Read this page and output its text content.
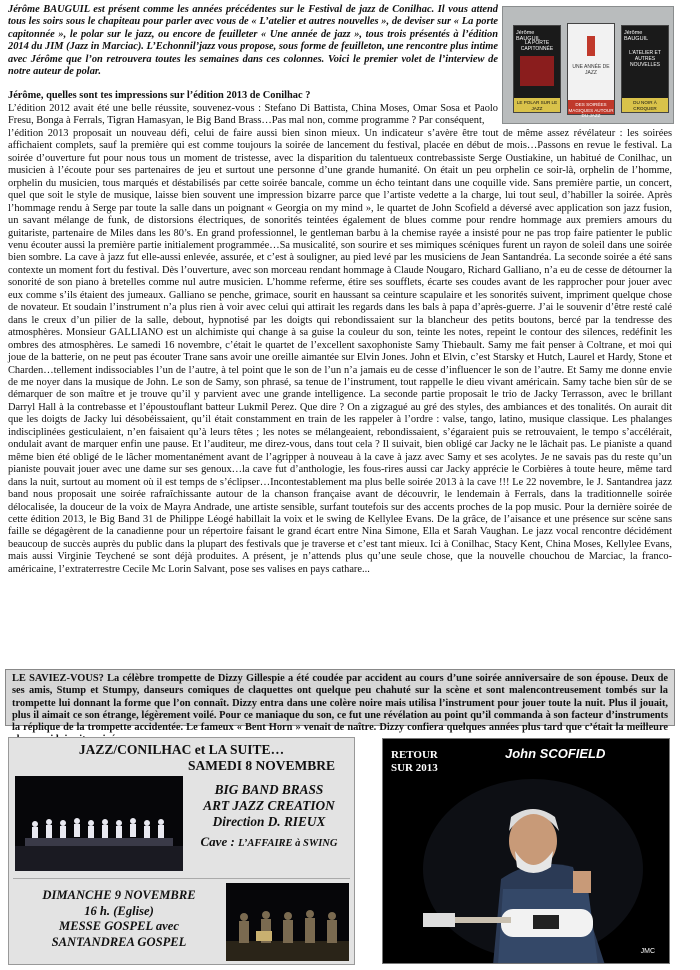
Jérôme BAUGUIL est présent comme les années précédentes sur le Festival de jazz de Conilhac. Il vous attend tous les soirs sous le chapiteau pour parler avec vous de « L’atelier et autres nouvelles », de deviser sur « La porte capitonnée », le polar sur le jazz, ou encore de feuilleter « Une année de jazz », tous trois présentés à l’édition 2014 du JIM (Jazz in Marciac). L’Echonnil’jazz vous propose, sous forme de feuilleton, une rencontre plus intime avec Jérôme que l’on retrouvera toutes les semaines dans ces colonnes. Voici le premier volet de l’interview de notre auteur de polar.
Jérôme BAUGUIL
LA PORTE CAPITONNÉE
LE POLAR SUR LE JAZZ
UNE ANNÉE DE JAZZ
DES SOIRÉES MAGIQUES AUTOUR DU JAZZ
Jérôme BAUGUIL
L’ATELIER ET AUTRES NOUVELLES
DU NOIR À CROQUER
Jérôme, quelles sont tes impressions sur l’édition 2013 de Conilhac ?
L’édition 2012 avait été une belle réussite, souvenez-vous : Stefano Di Battista, China Moses, Omar Sosa et Paolo Fresu, Bonga à Ferrals, Tigran Hamasyan, le Big Band Brass…Pas mal non, comme programme ? Par conséquent,
l’édition 2013 proposait un nouveau défi, celui de faire aussi bien sinon mieux. Un indicateur s’avère être tout de même assez révélateur : les soirées affichaient complets, sauf la première qui est comme toujours la soirée de lancement du festival, placée en début de mois…Passons en revue le festival. La soirée d’ouverture fut pour nous tous un moment de tristesse, avec la disparition du talentueux contrebassiste Serge Oustiakine, un habitué de Conilhac, un musicien à l’écoute pour ses partenaires de jeu et surtout une personne d’une grande humanité. On était un peu orphelin ce soir-là, orphelin de l’homme, orphelin du musicien, tous marqués et déstabilisés par cette soirée bancale, comme un écho teintant dans une coquille vide. Sans première partie, un concert, quel que soit le style de musique, laisse bien souvent une impression bizarre parce que l’artiste vedette a la charge, lui tout seul, d’habiller la soirée. Après l’hommage rendu à Serge par toute la salle dans un poignant « Georgia on my mind », le quartet de John Scofield a déversé avec application son jazz fusion, un savant mélange de funk, de distorsions électriques, de sonorités teintées également de blues comme pour rendre hommage aux premiers amours du guitariste, partenaire de Miles dans les 80’s. En grand professionnel, le gentleman barbu à la chemise rayée a insisté pour ne pas trop faire patienter le public venu écouter aussi la première partie initialement programmée…Sa musicalité, son sourire et ses mimiques scéniques furent un rayon de soleil dans une soirée bien sombre. La cave à jazz fut elle-aussi enlevée, assurée, et c’est à souligner, au pied levé par les musiciens de Jean Santandréa. La seconde soirée a été sans contexte un moment fort du festival. Dès l’ouverture, avec son morceau rendant hommage à Claude Nougaro, Richard Galliano, n’a eu de cesse de détourner la sonorité de son piano à bretelles comme nul autre musicien. L’homme referme, étire ses soufflets, écarte ses coudes avant de les rapprocher pour jouer avec eux comme s’ils étaient des jumeaux. Galliano se penche, grimace, sourit en haussant sa ceinture scapulaire et les sonorités suivent, impriment quelque chose de novateur. Et soudain l’instrument n’a plus rien à voir avec celui qui attirait les regards dans les bals à papa d’après-guerre. J’ai le souvenir d’être resté calé dans le creux d’un pilier de la salle, debout, hypnotisé par les doigts qui rebondissaient sur la blancheur des petits boutons, bercé par la tendresse des atmosphères. Monsieur GALLIANO est un alchimiste qui change à sa guise la couleur du son, teinte les notes, repeint le contour des silences, redéfinit les ombres des atmosphères. Le samedi 16 novembre, c’était le quartet de l’excellent saxophoniste Samy Thiebault. Samy me fait penser à Coltrane, et moi qui joue de la batterie, on ne peut pas écouter Trane sans avoir une oreille aimantée sur Elvin Jones. John et Elvin, c’est Starsky et Hutch, Laurel et Hardy, Stone et Charden…tellement indissociables l’un de l’autre, à tel point que le son de l’un n’a jamais eu de cesse d’influencer le son de l’autre. Et Samy me donne envie de me noyer dans la musique de John. Le son de Samy, son phrasé, sa tenue de l’instrument, tout rappelle le dieu vivant américain. Samy tache bien sûr de se démarquer de son maître et je trouve qu’il y parvient avec une grande intelligence. La seconde partie proposait le trio de Jacky Terrasson, avec le brillant Darryl Hall à la contrebasse et l’époustouflant batteur Lukmil Perez. Que dire ? On a zigzagué au gré des styles, des ambiances et des tonalités. On aurait dit que les doigts de Jacky lui désobéissaient, qu’il était constamment en train de les rappeler à l’ordre : valse, tango, latino, musique classique. Les phalanges indisciplinées gesticulaient, n’en faisaient qu’à leurs têtes ; les notes se mélangeaient, rebondissaient, s’égaraient puis se retrouvaient, le tempo s’accélérait, ondulait avant de marquer enfin une pause. Et l’auditeur, me direz-vous, dans tout cela ? Il suivait, bien obligé car Jacky ne le lâchait pas. Le pianiste a quand même bien été obligé de le lâcher momentanément avant de l’agripper à nouveau à la cave à jazz avec Samy et ses acolytes. Je ne savais pas du reste qu’un pianiste pouvait jouer avec une dame sur ses genoux…la cave fut d’anthologie, les fous-rires aussi car Jacky apprécie le Corbières à toute heure, même tard dans la nuit, surtout au moment où il est temps de s’éclipser…Incontestablement ma plus belle soirée 2013 à la cave !!! Le 22 novembre, le J. Santandrea jazz band nous proposait une soirée rafraîchissante autour de la chanson française avant de découvrir, le lendemain à Ferrals, dans la traditionnelle soirée délocalisée, la douceur de la voix de Mayra Andrade, une artiste sensible, surfant toutefois sur des accents proches de la pop music. Pour la dernière soirée de cette édition 2013, le Big Band 31 de Philippe Léogé habillait la voix et le swing de Kellylee Evans. De la grâce, de l’aisance et une présence sur scène sans faille se dégagèrent de la canadienne pour un répertoire faisant le grand écart entre Nina Simone, Ella et Sarah Vaughan. Le jazz vocal rencontre décidément beaucoup de succès auprès du public dans la plupart des festivals que je traverse et c’est tant mieux. Ici à Conilhac, Stacy Kent, China Moses, Kellylee Evans, mais aussi Virginie Teychené se sont déjà produites. A présent, je n’attends plus qu’une seule chose, que la nouvelle chouchou de Marciac, la franco-américaine, l’extraterrestre Cecile Mc Lorin Salvant, pose ses valises en pays cathare...
LE SAVIEZ-VOUS? La célèbre trompette de Dizzy Gillespie a été coudée par accident au cours d’une soirée anniversaire de son épouse. Deux de ses amis, Stump et Stumpy, danseurs comiques de claquettes ont quelque peu chahuté sur la scène et sont malencontreusement tombés sur la trompette lui donnant la forme que l’on connaît. Dizzy entra dans une colère noire mais utilisa l’instrument pour jouer toute la nuit. Plus il jouait, plus il aimait ce son étrange, légèrement voilé. Pour ce maniaque du son, ce fut une révélation au point qu’il commanda à son facteur d’instruments la réplique de la trompette accidentée. Le fameux « Bent Horn » venait de naître. Dizzy confiera quelques années plus tard que c’était la meilleure
JAZZ/CONILHAC et LA SUITE…
SAMEDI 8 NOVEMBRE
BIG BAND BRASS
ART JAZZ CREATION
Direction D. RIEUX
Cave : L’AFFAIRE à SWING
DIMANCHE 9 NOVEMBRE
16 h. (Eglise)
MESSE GOSPEL avec
SANTANDREA GOSPEL
RETOUR
SUR 2013
John SCOFIELD
JMC
